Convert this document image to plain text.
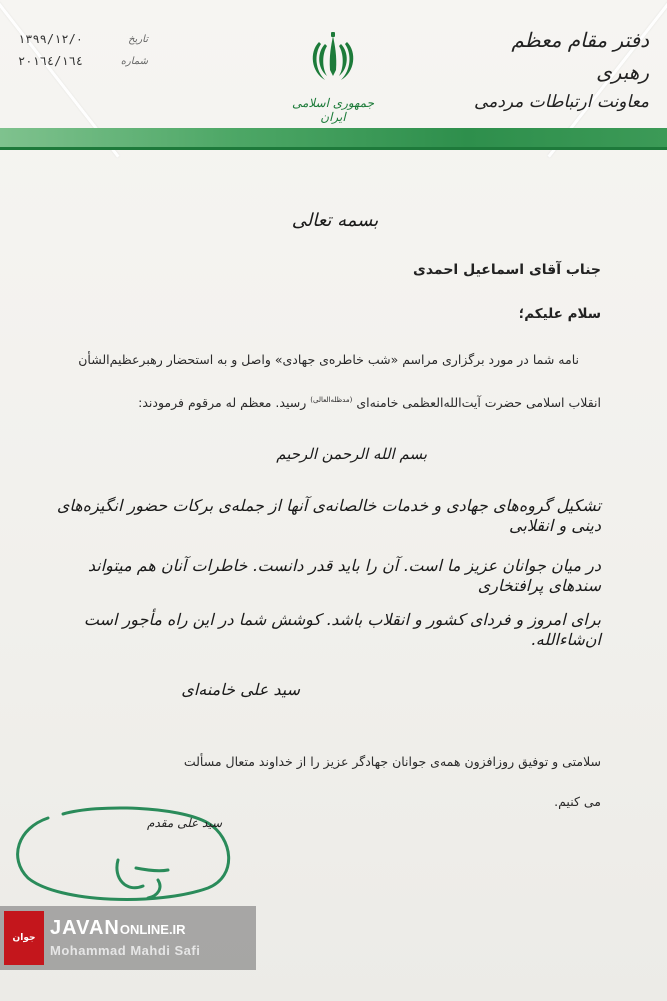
دفتر مقام معظم رهبری
معاونت ارتباطات مردمی
جمهوری اسلامی ایران
تاریخ
۱۳۹۹/۱۲/۰
شماره
۱٦٤/۲۰۱٦٤
بسمه تعالی
جناب آقای اسماعیل احمدی
سلام علیکم؛
نامه شما در مورد برگزاری مراسم «شب خاطره‌ی جهادی» واصل و به استحضار رهبرعظیم‌الشأن
انقلاب اسلامی حضرت آیت‌الله‌العظمی خامنه‌ای $^{(مدظله‌العالی)}$ رسید. معظم له مرقوم فرمودند:
بسم الله الرحمن الرحیم
تشکیل گروه‌های جهادی و خدمات خالصانه‌ی آنها از جمله‌ی برکات حضور انگیزه‌های دینی و انقلابی
در میان جوانان عزیز ما است. آن را باید قدر دانست. خاطرات آنان هم میتواند سندهای پرافتخاری
برای امروز و فردای کشور و انقلاب باشد. کوشش شما در این راه مأجور است ان‌شاء‌الله.
سید علی خامنه‌ای
سلامتی و توفیق روزافزون همه‌ی جوانان جهادگر عزیز را از خداوند متعال مسألت
می کنیم.
سید علی مقدم
جوان JAVANONLINE.IR
Mohammad Mahdi Safi
